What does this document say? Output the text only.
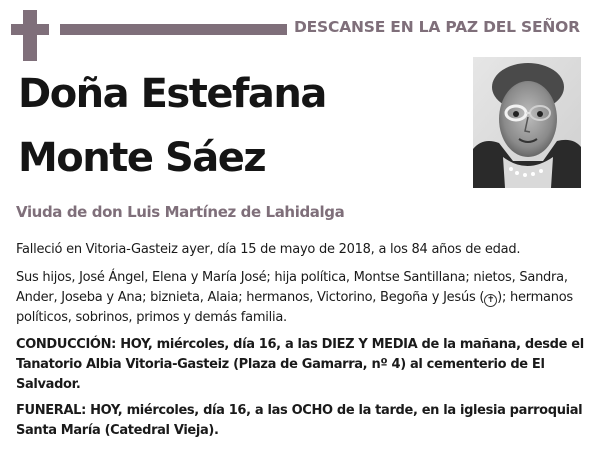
DESCANSE EN LA PAZ DEL SEÑOR
Doña Estefana
Monte Sáez
Viuda de don Luis Martínez de Lahidalga
Falleció en Vitoria-Gasteiz ayer, día 15 de mayo de 2018, a los 84 años de edad.
Sus hijos, José Ángel, Elena y María José; hija política, Montse Santillana; nietos, Sandra, Ander, Joseba y Ana; biznieta, Alaia; hermanos, Victorino, Begoña y Jesús ( ✝ ); hermanos políticos, sobrinos, primos y demás familia.
CONDUCCIÓN: HOY, miércoles, día 16, a las DIEZ Y MEDIA de la mañana, desde el Tanatorio Albia Vitoria-Gasteiz (Plaza de Gamarra, nº 4) al cementerio de El Salvador.
FUNERAL: HOY, miércoles, día 16, a las OCHO de la tarde, en la iglesia parroquial Santa María (Catedral Vieja).
